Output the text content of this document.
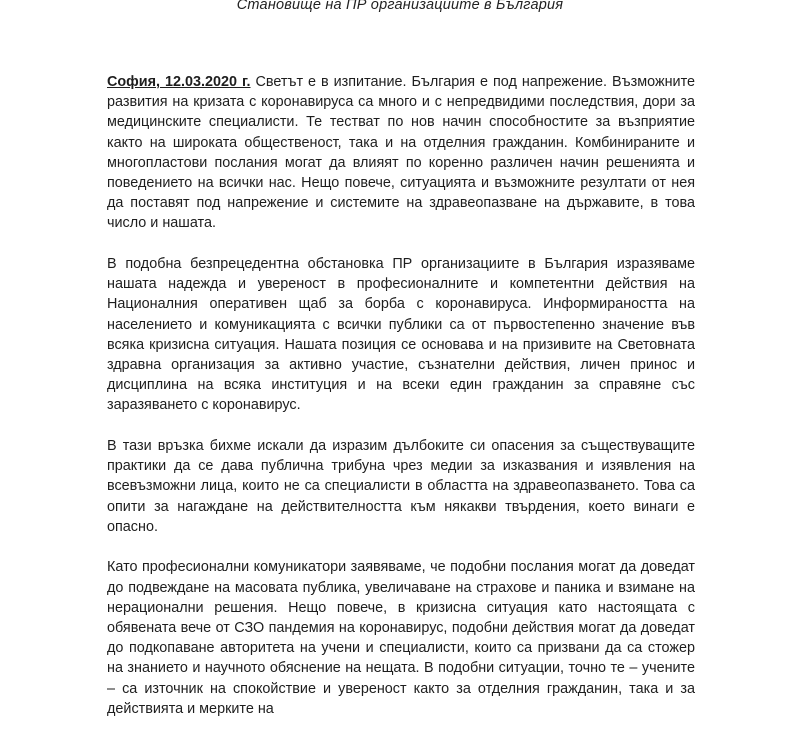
Становище на ПР организациите в България

София, 12.03.2020 г. Светът е в изпитание. България е под напрежение. Възможните развития на кризата с коронавируса са много и с непредвидими последствия, дори за медицинските специалисти. Те тестват по нов начин способностите за възприятие както на широката общественост, така и на отделния гражданин. Комбинираните и многопластови послания могат да влияят по коренно различен начин решенията и поведението на всички нас. Нещо повече, ситуацията и възможните резултати от нея да поставят под напрежение и системите на здравеопазване на държавите, в това число и нашата.

В подобна безпрецедентна обстановка ПР организациите в България изразяваме нашата надежда и увереност в професионалните и компетентни действия на Националния оперативен щаб за борба с коронавируса. Информираността на населението и комуникацията с всички публики са от първостепенно значение във всяка кризисна ситуация. Нашата позиция се основава и на призивите на Световната здравна организация за активно участие, съзнателни действия, личен принос и дисциплина на всяка институция и на всеки един гражданин за справяне със заразяването с коронавирус.

В тази връзка бихме искали да изразим дълбоките си опасения за съществуващите практики да се дава публична трибуна чрез медии за изказвания и изявления на всевъзможни лица, които не са специалисти в областта на здравеопазването. Това са опити за нагаждане на действителността към някакви твърдения, което винаги е опасно.

Като професионални комуникатори заявяваме, че подобни послания могат да доведат до подвеждане на масовата публика, увеличаване на страхове и паника и взимане на нерационални решения. Нещо повече, в кризисна ситуация като настоящата с обявената вече от СЗО пандемия на коронавирус, подобни действия могат да доведат до подкопаване авторитета на учени и специалисти, които са призвани да са стожер на знанието и научното обяснение на нещата. В подобни ситуации, точно те – учените – са източник на спокойствие и увереност както за отделния гражданин, така и за действията и мерките на
